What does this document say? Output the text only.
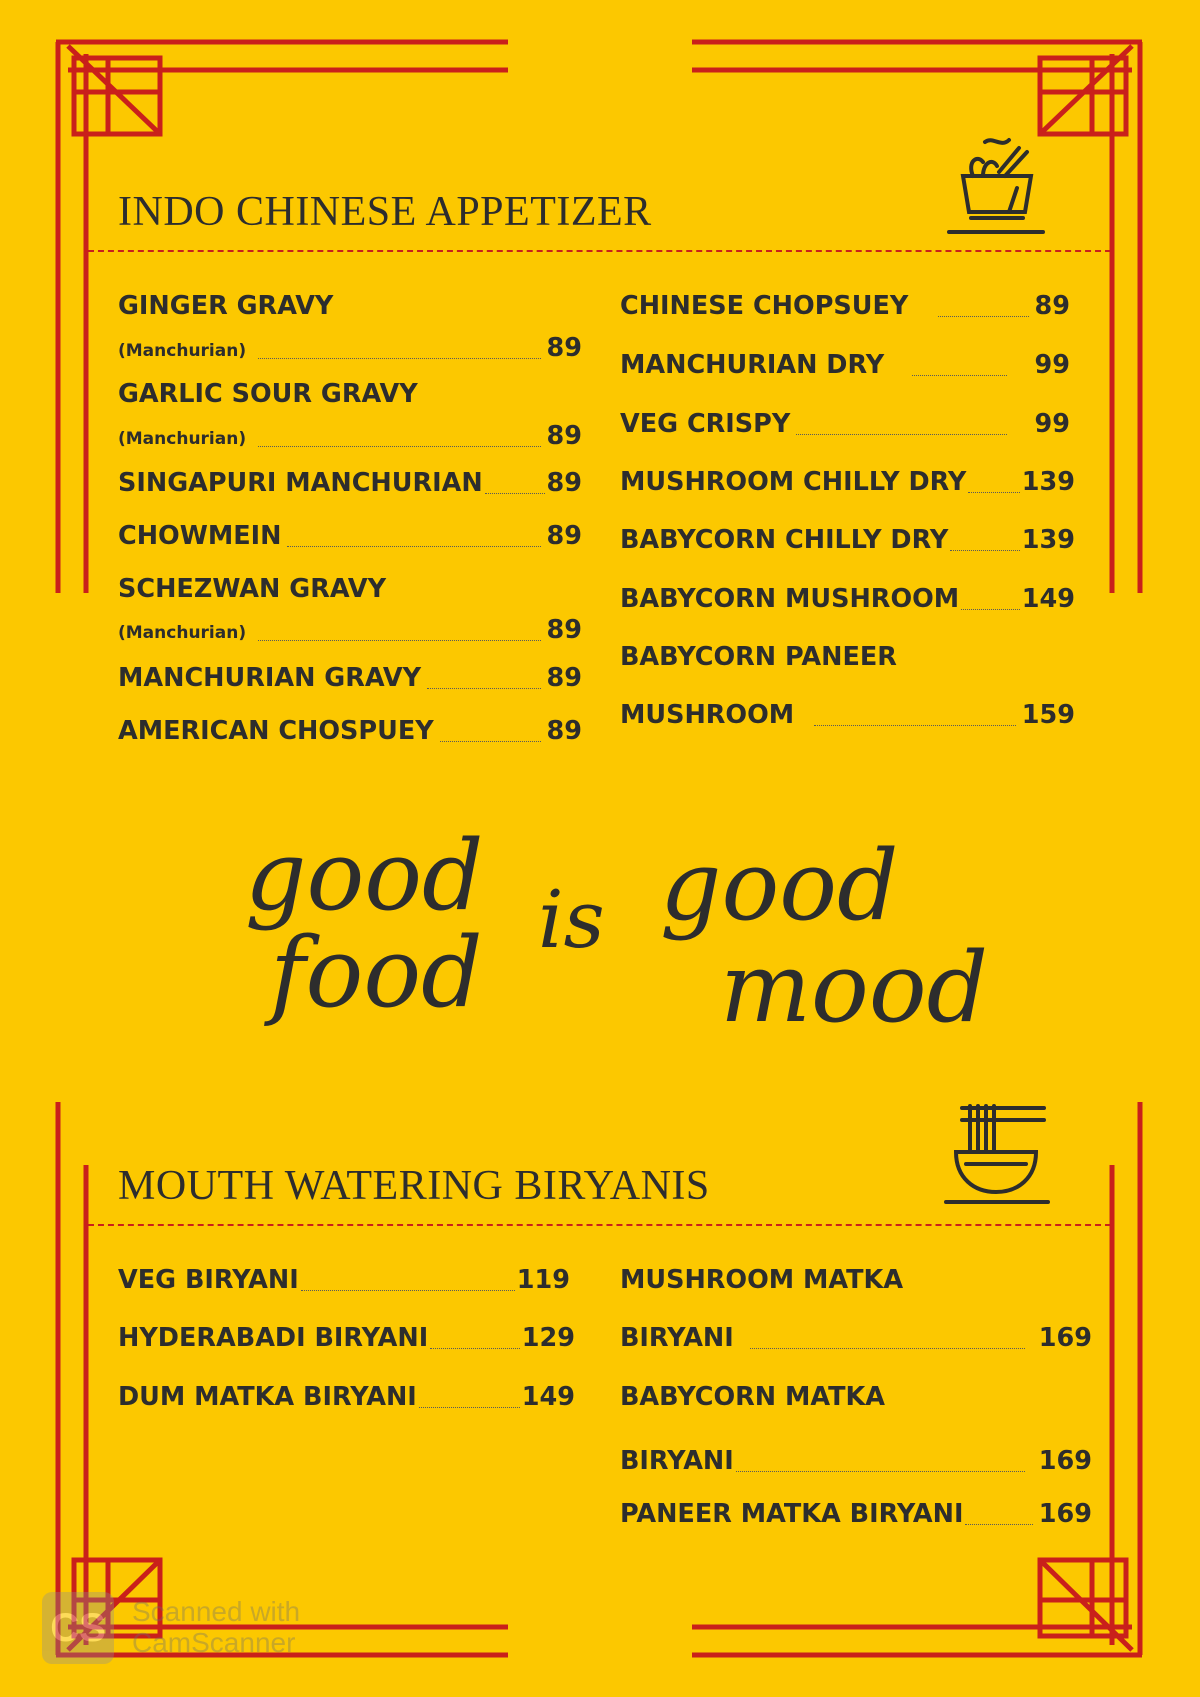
INDO CHINESE APPETIZER
GINGER GRAVY
(Manchurian)	89
GARLIC SOUR GRAVY
(Manchurian)	89
SINGAPURI MANCHURIAN	89
CHOWMEIN	89
SCHEZWAN GRAVY
(Manchurian)	89
MANCHURIAN GRAVY	89
AMERICAN CHOSPUEY	89
CHINESE CHOPSUEY	89
MANCHURIAN DRY	99
VEG CRISPY	99
MUSHROOM CHILLY DRY 139
BABYCORN CHILLY DRY	139
BABYCORN MUSHROOM 149
BABYCORN PANEER
MUSHROOM	159
good
food is good
mood
MOUTH WATERING BIRYANIS
VEG BIRYANI	119
HYDERABADI BIRYANI	129
DUM MATKA BIRYANI	149
MUSHROOM MATKA
BIRYANI	169
BABYCORN MATKA
BIRYANI	169
PANEER MATKA BIRYANI	169
CS Scanned with
CamScanner
